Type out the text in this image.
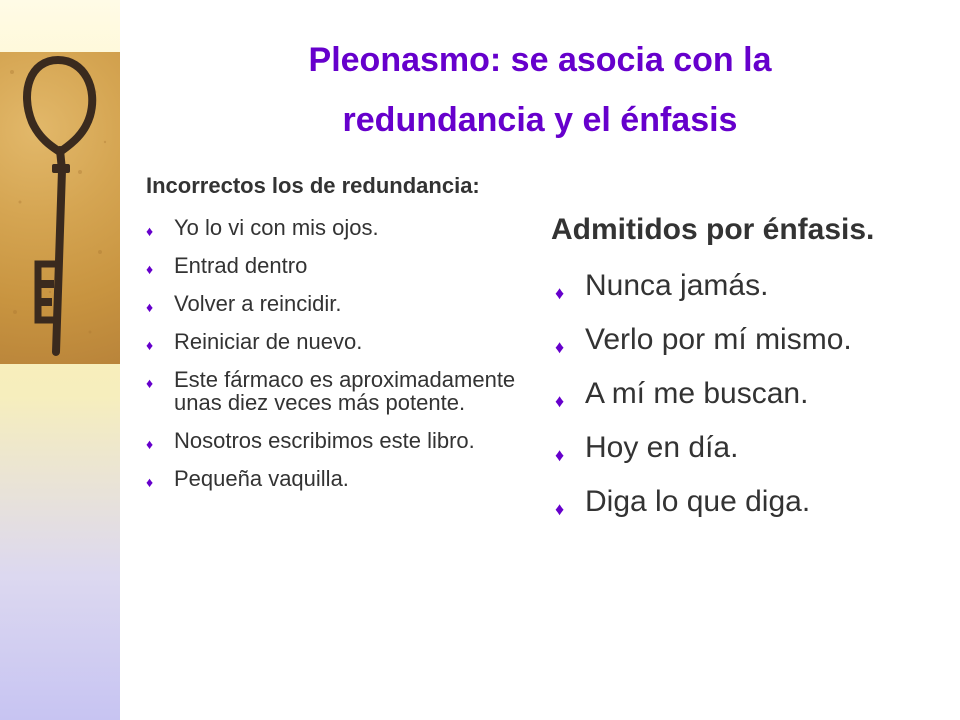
Pleonasmo: se asocia con la
redundancia y el énfasis
Incorrectos los de redundancia:
♦ Yo lo vi con mis ojos.
♦ Entrad dentro
♦ Volver a reincidir.
♦ Reiniciar de nuevo.
♦ Este fármaco es aproximadamente unas diez veces más potente.
♦ Nosotros escribimos este libro.
♦ Pequeña vaquilla.
Admitidos por énfasis.
♦ Nunca jamás.
♦ Verlo por mí mismo.
♦ A mí me buscan.
♦ Hoy en día.
♦ Diga lo que diga.
